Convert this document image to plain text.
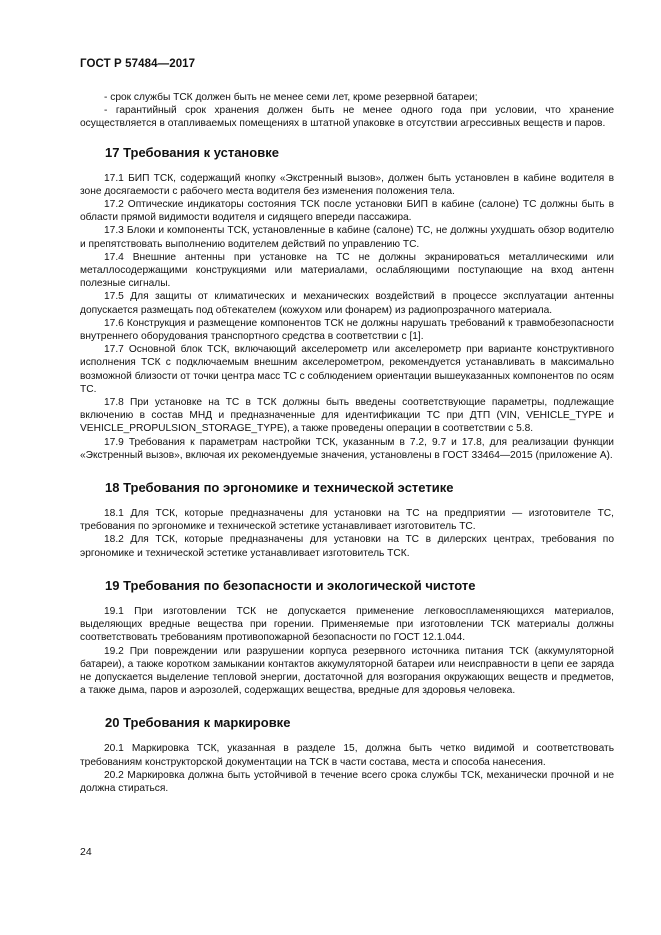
ГОСТ Р 57484—2017

- срок службы ТСК должен быть не менее семи лет, кроме резервной батареи;

- гарантийный срок хранения должен быть не менее одного года при условии, что хранение осуществляется в отапливаемых помещениях в штатной упаковке в отсутствии агрессивных веществ и паров.

17 Требования к установке

17.1 БИП ТСК, содержащий кнопку «Экстренный вызов», должен быть установлен в кабине водителя в зоне досягаемости с рабочего места водителя без изменения положения тела.

17.2 Оптические индикаторы состояния ТСК после установки БИП в кабине (салоне) ТС должны быть в области прямой видимости водителя и сидящего впереди пассажира.

17.3 Блоки и компоненты ТСК, установленные в кабине (салоне) ТС, не должны ухудшать обзор водителю и препятствовать выполнению водителем действий по управлению ТС.

17.4 Внешние антенны при установке на ТС не должны экранироваться металлическими или металлосодержащими конструкциями или материалами, ослабляющими поступающие на вход антенн полезные сигналы.

17.5 Для защиты от климатических и механических воздействий в процессе эксплуатации антенны допускается размещать под обтекателем (кожухом или фонарем) из радиопрозрачного материала.

17.6 Конструкция и размещение компонентов ТСК не должны нарушать требований к травмобезопасности внутреннего оборудования транспортного средства в соответствии с [1].

17.7 Основной блок ТСК, включающий акселерометр или акселерометр при варианте конструктивного исполнения ТСК с подключаемым внешним акселерометром, рекомендуется устанавливать в максимально возможной близости от точки центра масс ТС с соблюдением ориентации вышеуказанных компонентов по осям ТС.

17.8 При установке на ТС в ТСК должны быть введены соответствующие параметры, подлежащие включению в состав МНД и предназначенные для идентификации ТС при ДТП (VIN, VEHICLE_TYPE и VEHICLE_PROPULSION_STORAGE_TYPE), а также проведены операции в соответствии с 5.8.

17.9 Требования к параметрам настройки ТСК, указанным в 7.2, 9.7 и 17.8, для реализации функции «Экстренный вызов», включая их рекомендуемые значения, установлены в ГОСТ 33464—2015 (приложение А).

18 Требования по эргономике и технической эстетике

18.1 Для ТСК, которые предназначены для установки на ТС на предприятии — изготовителе ТС, требования по эргономике и технической эстетике устанавливает изготовитель ТС.

18.2 Для ТСК, которые предназначены для установки на ТС в дилерских центрах, требования по эргономике и технической эстетике устанавливает изготовитель ТСК.

19 Требования по безопасности и экологической чистоте

19.1 При изготовлении ТСК не допускается применение легковоспламеняющихся материалов, выделяющих вредные вещества при горении. Применяемые при изготовлении ТСК материалы должны соответствовать требованиям противопожарной безопасности по ГОСТ 12.1.044.

19.2 При повреждении или разрушении корпуса резервного источника питания ТСК (аккумуляторной батареи), а также коротком замыкании контактов аккумуляторной батареи или неисправности в цепи ее заряда не допускается выделение тепловой энергии, достаточной для возгорания окружающих веществ и предметов, а также дыма, паров и аэрозолей, содержащих вещества, вредные для здоровья человека.

20 Требования к маркировке

20.1 Маркировка ТСК, указанная в разделе 15, должна быть четко видимой и соответствовать требованиям конструкторской документации на ТСК в части состава, места и способа нанесения.

20.2 Маркировка должна быть устойчивой в течение всего срока службы ТСК, механически прочной и не должна стираться.

24
